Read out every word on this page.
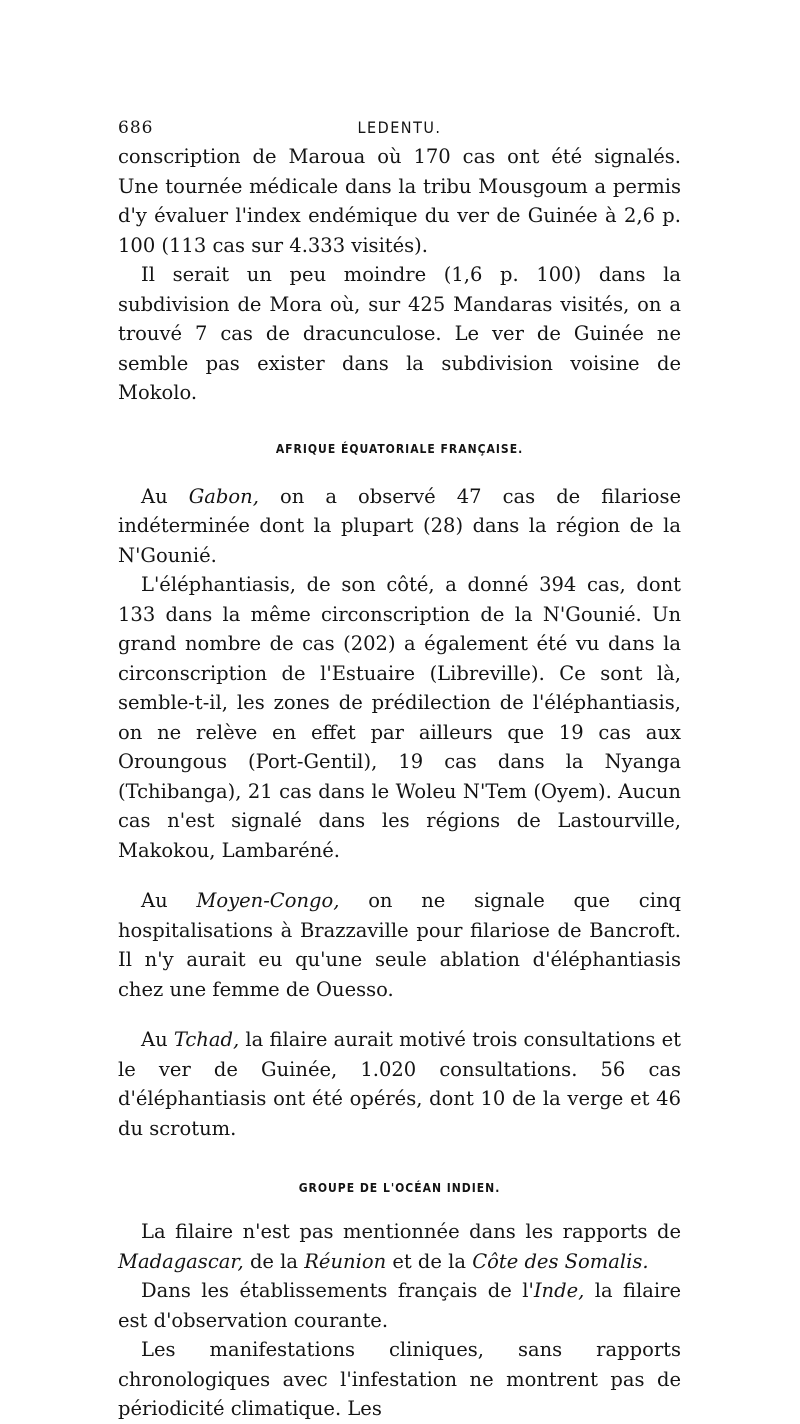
686	LEDENTU.

conscription de Maroua où 170 cas ont été signalés. Une tournée médicale dans la tribu Mousgoum a permis d'y évaluer l'index endémique du ver de Guinée à 2,6 p. 100 (113 cas sur 4.333 visités).

Il serait un peu moindre (1,6 p. 100) dans la subdivision de Mora où, sur 425 Mandaras visités, on a trouvé 7 cas de dracunculose. Le ver de Guinée ne semble pas exister dans la subdivision voisine de Mokolo.

AFRIQUE ÉQUATORIALE FRANÇAISE.

Au Gabon, on a observé 47 cas de filariose indéterminée dont la plupart (28) dans la région de la N'Gounié.

L'éléphantiasis, de son côté, a donné 394 cas, dont 133 dans la même circonscription de la N'Gounié. Un grand nombre de cas (202) a également été vu dans la circonscription de l'Estuaire (Libreville). Ce sont là, semble-t-il, les zones de prédilection de l'éléphantiasis, on ne relève en effet par ailleurs que 19 cas aux Oroungous (Port-Gentil), 19 cas dans la Nyanga (Tchibanga), 21 cas dans le Woleu N'Tem (Oyem). Aucun cas n'est signalé dans les régions de Lastourville, Makokou, Lambaréné.

Au Moyen-Congo, on ne signale que cinq hospitalisations à Brazzaville pour filariose de Bancroft. Il n'y aurait eu qu'une seule ablation d'éléphantiasis chez une femme de Ouesso.

Au Tchad, la filaire aurait motivé trois consultations et le ver de Guinée, 1.020 consultations. 56 cas d'éléphantiasis ont été opérés, dont 10 de la verge et 46 du scrotum.

GROUPE DE L'OCÉAN INDIEN.

La filaire n'est pas mentionnée dans les rapports de Madagascar, de la Réunion et de la Côte des Somalis.

Dans les établissements français de l'Inde, la filaire est d'observation courante.

Les manifestations cliniques, sans rapports chronologiques avec l'infestation ne montrent pas de périodicité climatique. Les
